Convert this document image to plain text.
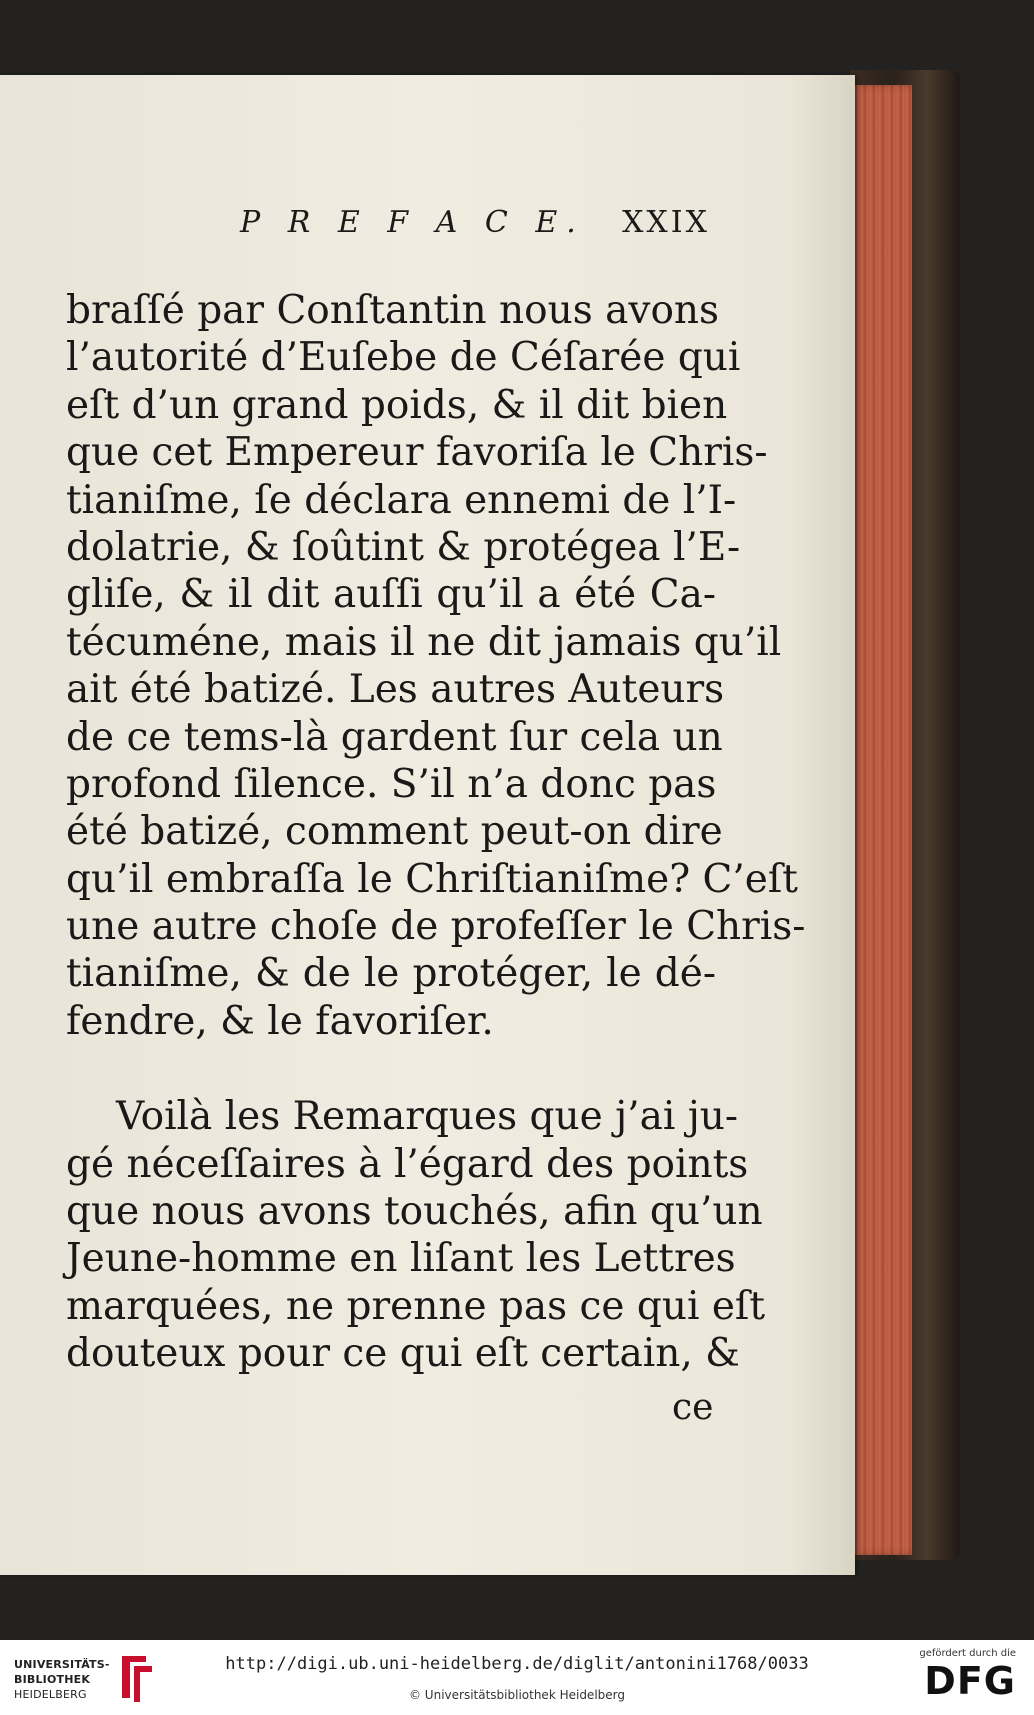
P R E F A C E. XXIX
braſſé par Conſtantin nous avons
l’autorité d’Euſebe de Céſarée qui
eſt d’un grand poids, & il dit bien
que cet Empereur favoriſa le Chris-
tianiſme, ſe déclara ennemi de l’I-
dolatrie, & ſoûtint & protégea l’E-
gliſe, & il dit auſſi qu’il a été Ca-
técuméne, mais il ne dit jamais qu’il
ait été batizé. Les autres Auteurs
de ce tems-là gardent ſur cela un
profond ſilence. S’il n’a donc pas
été batizé, comment peut-on dire
qu’il embraſſa le Chriſtianiſme? C’eſt
une autre choſe de profeſſer le Chris-
tianiſme, & de le protéger, le dé-
fendre, & le favoriſer.
Voilà les Remarques que j’ai ju-
gé néceſſaires à l’égard des points
que nous avons touchés, afin qu’un
Jeune-homme en liſant les Lettres
marquées, ne prenne pas ce qui eſt
douteux pour ce qui eſt certain, &
ce
UNIVERSITÄTS-
BIBLIOTHEK
HEIDELBERG
http://digi.ub.uni-heidelberg.de/diglit/antonini1768/0033
© Universitätsbibliothek Heidelberg
gefördert durch die
DFG
